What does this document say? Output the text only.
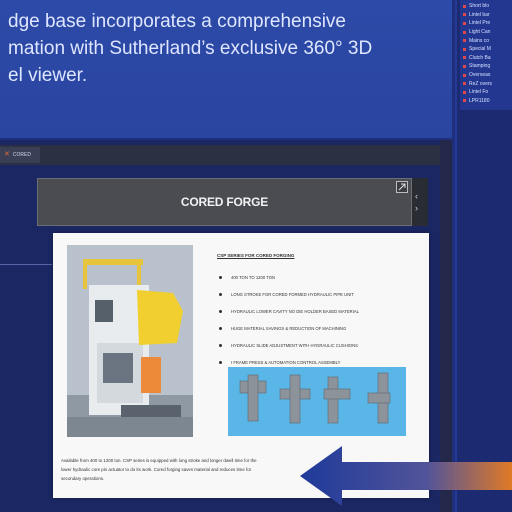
dge base incorporates a comprehensive
mation with Sutherland’s exclusive 360° 3D
el viewer.
Short blo
Lintel bar
Lintel Pre
Light Can
Mains co
Special M
Clutch Ba
Stamping
Overseas
ReZ overs
Lintel Fo
LPR1180
✕ CORED
CORED FORGE	‹
›
CSP SERIES FOR CORED FORGING
400 TON TO 1200 TON
LONG STROKE FOR CORED FORMED HYDRAULIC PIPE UNIT
HYDRAULIC LOWER CAVITY NO DIE HOLDER BASED MATERIAL
HUGE MATERIAL SAVINGS & REDUCTION OF MACHINING
HYDRAULIC SLIDE ADJUSTMENT WITH HYDRAULIC CUSHIONS
I FRAME PRESS & AUTOMATION CONTROL ASSEMBLY
Available from 400 to 1200 ton. CSP series is equipped with long stroke and longer dwell time for the
lower hydraulic core pin actuator to do its work. Cored forging saves material and reduces time for
secondary operations.
